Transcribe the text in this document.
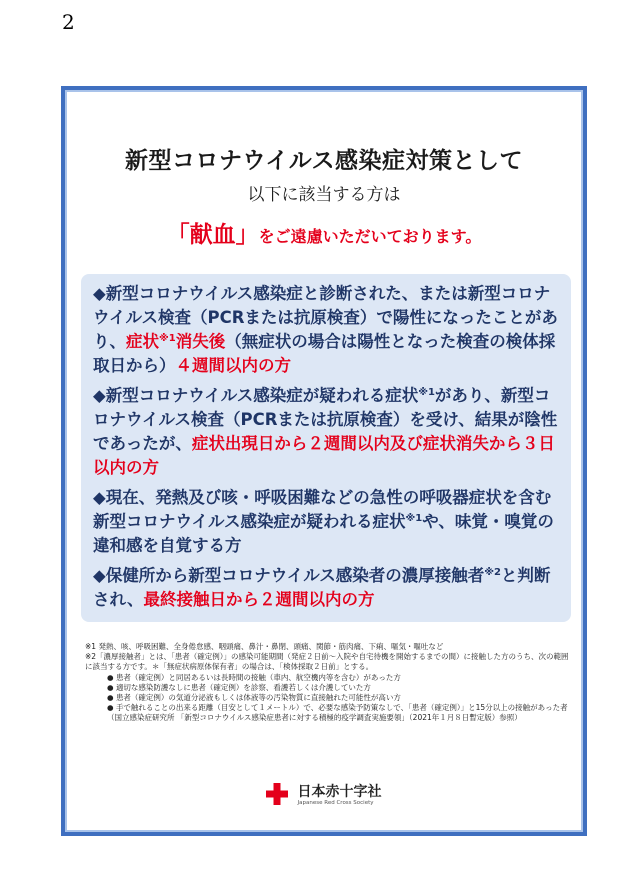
2
新型コロナウイルス感染症対策として
以下に該当する方は
「献血」をご遠慮いただいております。
◆新型コロナウイルス感染症と診断された、または新型コロナウイルス検査（PCRまたは抗原検査）で陽性になったことがあり、症状$^{※1}$消失後（無症状の場合は陽性となった検査の検体採取日から）４週間以内の方
◆新型コロナウイルス感染症が疑われる症状$^{※1}$があり、新型コロナウイルス検査（PCRまたは抗原検査）を受け、結果が陰性であったが、症状出現日から２週間以内及び症状消失から３日以内の方
◆現在、発熱及び咳・呼吸困難などの急性の呼吸器症状を含む新型コロナウイルス感染症が疑われる症状$^{※1}$や、味覚・嗅覚の違和感を自覚する方
◆保健所から新型コロナウイルス感染者の濃厚接触者$^{※2}$と判断され、最終接触日から２週間以内の方
※1 発熱、咳、呼吸困難、全身倦怠感、咽頭痛、鼻汁・鼻閉、頭痛、関節・筋肉痛、下痢、嘔気・嘔吐など
※2「濃厚接触者」とは、「患者（確定例）」の感染可能期間（発症２日前〜入院や自宅待機を開始するまでの間）に接触した方のうち、次の範囲に該当する方です。＊「無症状病原体保有者」の場合は、「検体採取２日前」とする。
● 患者（確定例）と同居あるいは長時間の接触（車内、航空機内等を含む）があった方
● 適切な感染防護なしに患者（確定例）を診察、看護若しくは介護していた方
● 患者（確定例）の気道分泌液もしくは体液等の汚染物質に直接触れた可能性が高い方
● 手で触れることの出来る距離（目安として１メートル）で、必要な感染予防策なしで、「患者（確定例）」と15分以上の接触があった者
（国立感染症研究所 「新型コロナウイルス感染症患者に対する積極的疫学調査実施要領」（2021年１月８日暫定版）参照）

日本赤十字社
Japanese Red Cross Society
